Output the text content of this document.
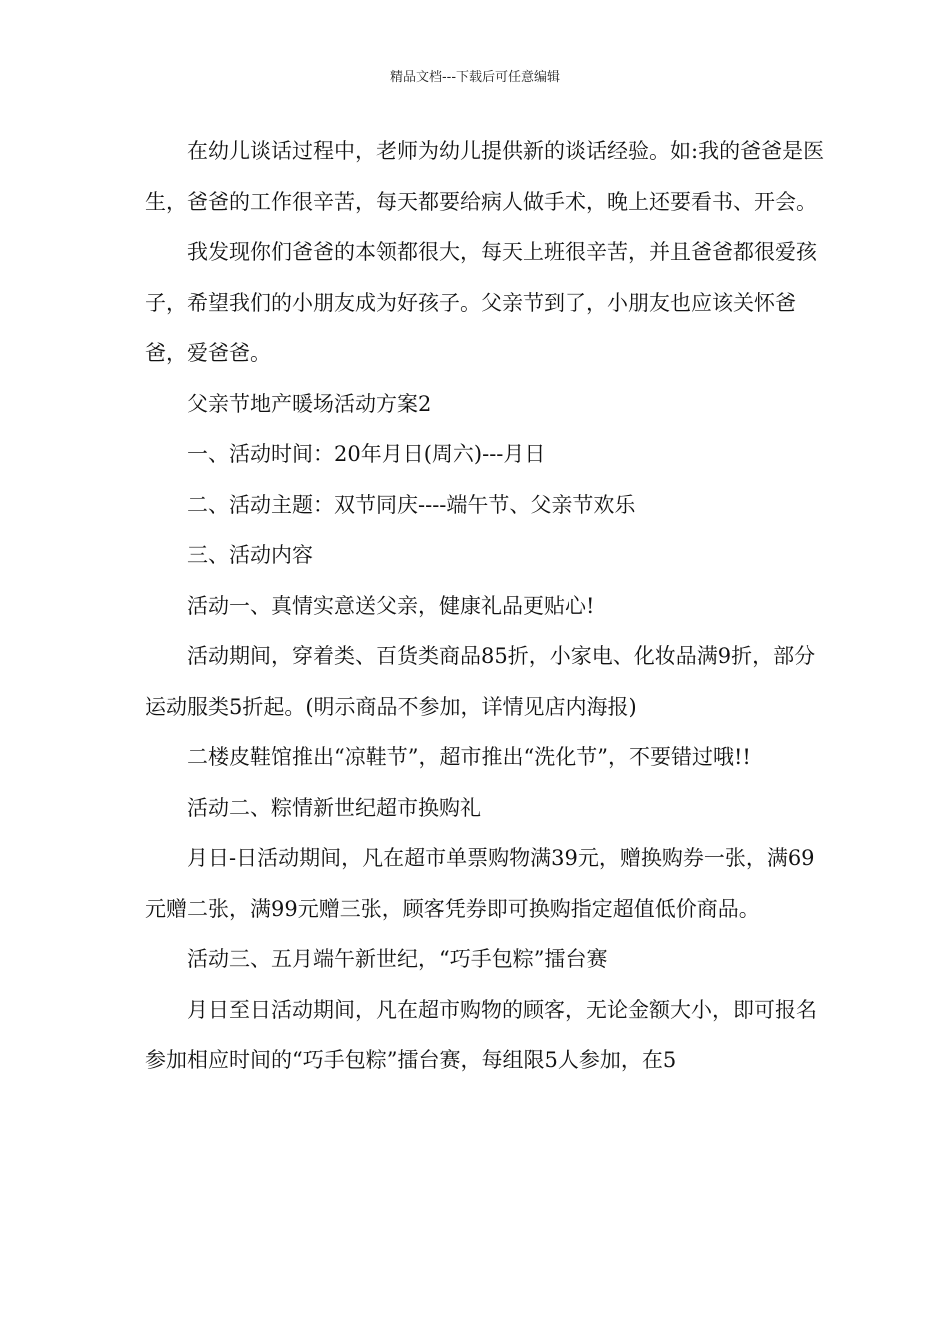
精品文档---下载后可任意编辑

在幼儿谈话过程中，老师为幼儿提供新的谈话经验。如:我的爸爸是医生，爸爸的工作很辛苦，每天都要给病人做手术，晚上还要看书、开会。

我发现你们爸爸的本领都很大，每天上班很辛苦，并且爸爸都很爱孩子，希望我们的小朋友成为好孩子。父亲节到了，小朋友也应该关怀爸爸，爱爸爸。

父亲节地产暖场活动方案2

一、活动时间：20年月日(周六)---月日

二、活动主题：双节同庆----端午节、父亲节欢乐

三、活动内容

活动一、真情实意送父亲，健康礼品更贴心!

活动期间，穿着类、百货类商品85折，小家电、化妆品满9折，部分运动服类5折起。(明示商品不参加，详情见店内海报)

二楼皮鞋馆推出“凉鞋节”，超市推出“洗化节”，不要错过哦!!

活动二、粽情新世纪超市换购礼

月日-日活动期间，凡在超市单票购物满39元，赠换购券一张，满69元赠二张，满99元赠三张，顾客凭券即可换购指定超值低价商品。

活动三、五月端午新世纪，“巧手包粽”擂台赛

月日至日活动期间，凡在超市购物的顾客，无论金额大小，即可报名参加相应时间的“巧手包粽”擂台赛，每组限5人参加，在5
